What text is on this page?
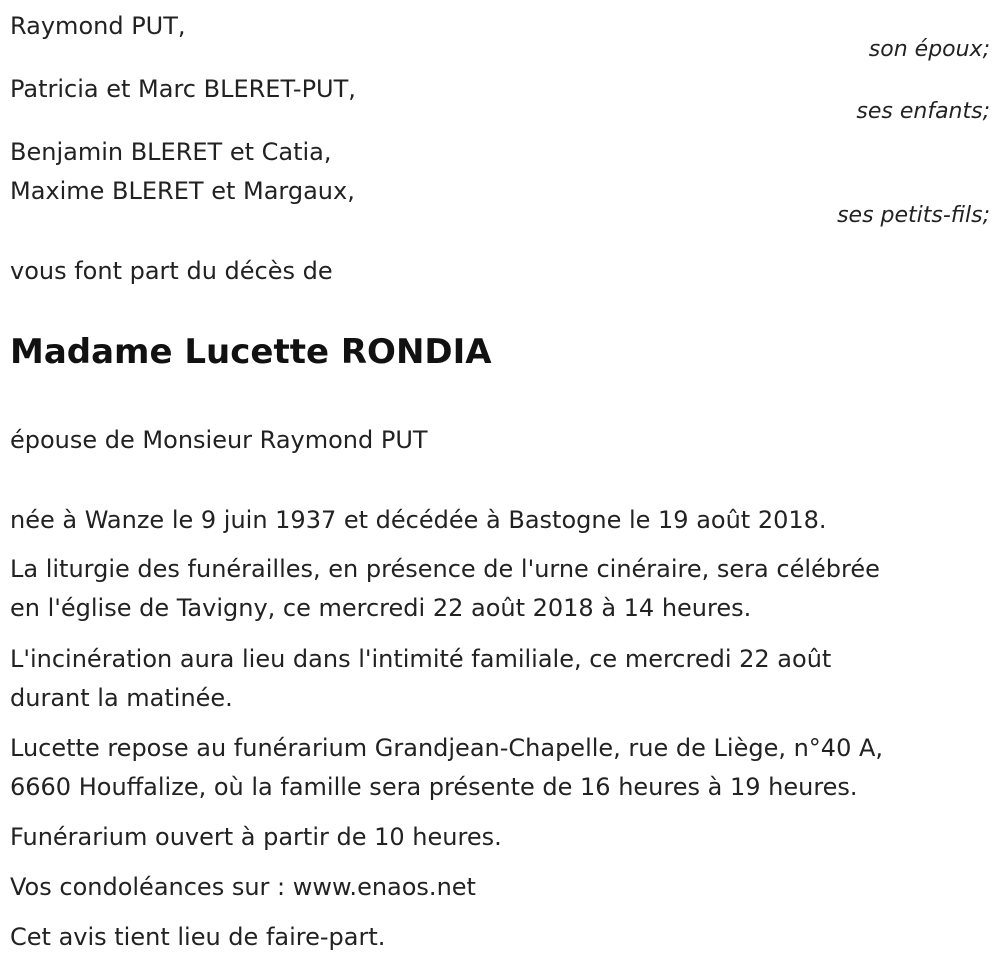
Raymond PUT,
son époux;
Patricia et Marc BLERET-PUT,
ses enfants;
Benjamin BLERET et Catia,
Maxime BLERET et Margaux,
ses petits-fils;
vous font part du décès de
Madame Lucette RONDIA
épouse de Monsieur Raymond PUT
née à Wanze le 9 juin 1937 et décédée à Bastogne le 19 août 2018.
La liturgie des funérailles, en présence de l'urne cinéraire, sera célébrée
en l'église de Tavigny, ce mercredi 22 août 2018 à 14 heures.
L'incinération aura lieu dans l'intimité familiale, ce mercredi 22 août
durant la matinée.
Lucette repose au funérarium Grandjean-Chapelle, rue de Liège, n°40 A,
6660 Houffalize, où la famille sera présente de 16 heures à 19 heures.
Funérarium ouvert à partir de 10 heures.
Vos condoléances sur : www.enaos.net
Cet avis tient lieu de faire-part.
